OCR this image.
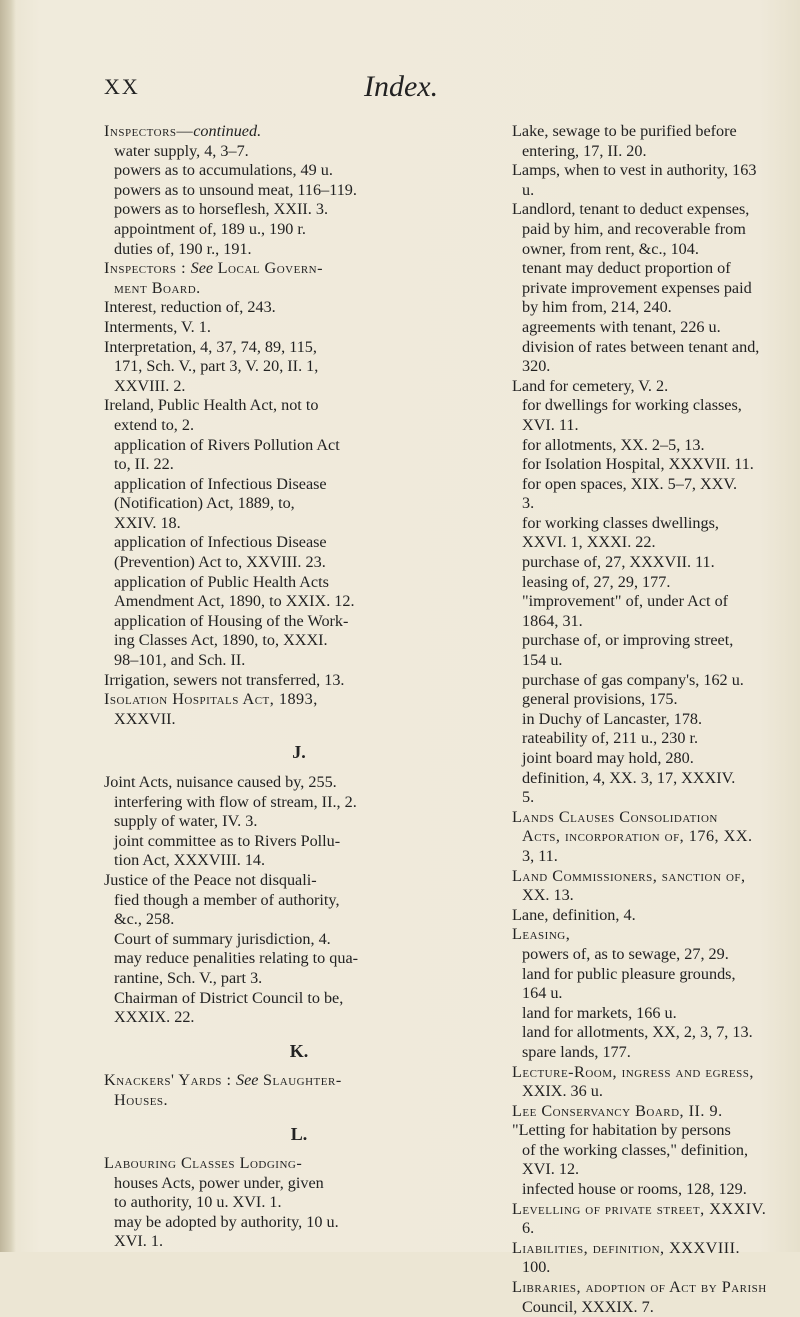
XX	Index.
Inspectors—continued.
water supply, 4, 3–7.
powers as to accumulations, 49 u.
powers as to unsound meat, 116–119.
powers as to horseflesh, XXII. 3.
appointment of, 189 u., 190 r.
duties of, 190 r., 191.
Inspectors : See Local Govern-
ment Board.
Interest, reduction of, 243.
Interments, V. 1.
Interpretation, 4, 37, 74, 89, 115,
171, Sch. V., part 3, V. 20, II. 1,
XXVIII. 2.
Ireland, Public Health Act, not to
extend to, 2.
application of Rivers Pollution Act
to, II. 22.
application of Infectious Disease
(Notification) Act, 1889, to,
XXIV. 18.
application of Infectious Disease
(Prevention) Act to, XXVIII. 23.
application of Public Health Acts
Amendment Act, 1890, to XXIX. 12.
application of Housing of the Work-
ing Classes Act, 1890, to, XXXI.
98–101, and Sch. II.
Irrigation, sewers not transferred, 13.
Isolation Hospitals Act, 1893,
XXXVII.
J.
Joint Acts, nuisance caused by, 255.
interfering with flow of stream, II., 2.
supply of water, IV. 3.
joint committee as to Rivers Pollu-
tion Act, XXXVIII. 14.
Justice of the Peace not disquali-
fied though a member of authority,
&c., 258.
Court of summary jurisdiction, 4.
may reduce penalities relating to qua-
rantine, Sch. V., part 3.
Chairman of District Council to be,
XXXIX. 22.
K.
Knackers' Yards : See Slaughter-
Houses.
L.
Labouring Classes Lodging-
houses Acts, power under, given
to authority, 10 u. XVI. 1.
may be adopted by authority, 10 u.
XVI. 1.
Lake, sewage to be purified before
entering, 17, II. 20.
Lamps, when to vest in authority, 163
u.
Landlord, tenant to deduct expenses,
paid by him, and recoverable from
owner, from rent, &c., 104.
tenant may deduct proportion of
private improvement expenses paid
by him from, 214, 240.
agreements with tenant, 226 u.
division of rates between tenant and,
320.
Land for cemetery, V. 2.
for dwellings for working classes,
XVI. 11.
for allotments, XX. 2–5, 13.
for Isolation Hospital, XXXVII. 11.
for open spaces, XIX. 5–7, XXV.
3.
for working classes dwellings,
XXVI. 1, XXXI. 22.
purchase of, 27, XXXVII. 11.
leasing of, 27, 29, 177.
"improvement" of, under Act of
1864, 31.
purchase of, or improving street,
154 u.
purchase of gas company's, 162 u.
general provisions, 175.
in Duchy of Lancaster, 178.
rateability of, 211 u., 230 r.
joint board may hold, 280.
definition, 4, XX. 3, 17, XXXIV.
5.
Lands Clauses Consolidation
Acts, incorporation of, 176, XX.
3, 11.
Land Commissioners, sanction of,
XX. 13.
Lane, definition, 4.
Leasing,
powers of, as to sewage, 27, 29.
land for public pleasure grounds,
164 u.
land for markets, 166 u.
land for allotments, XX, 2, 3, 7, 13.
spare lands, 177.
Lecture-Room, ingress and egress,
XXIX. 36 u.
Lee Conservancy Board, II. 9.
"Letting for habitation by persons
of the working classes," definition,
XVI. 12.
infected house or rooms, 128, 129.
Levelling of private street, XXXIV.
6.
Liabilities, definition, XXXVIII.
100.
Libraries, adoption of Act by Parish
Council, XXXIX. 7.
